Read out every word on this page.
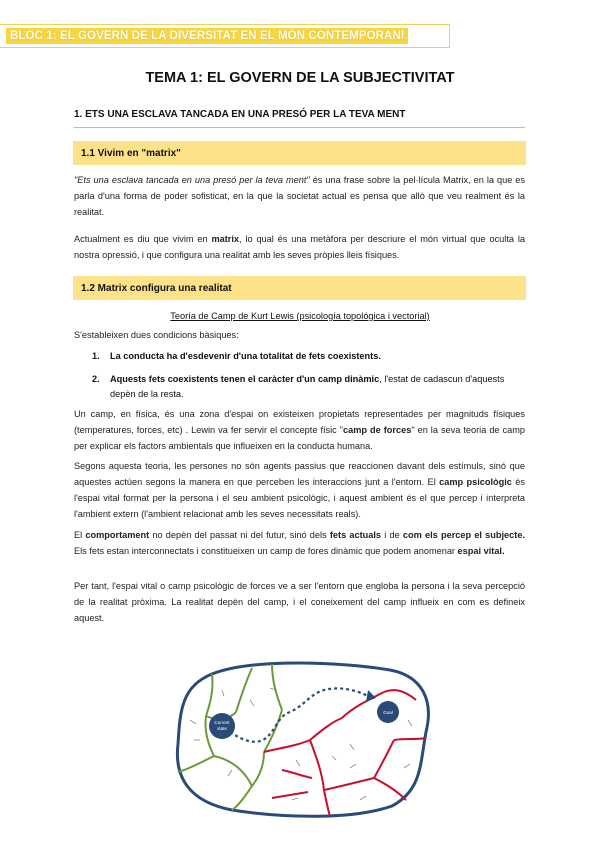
BLOC 1: EL GOVERN DE LA DIVERSITAT EN EL MÓN CONTEMPORANI
TEMA 1: EL GOVERN DE LA SUBJECTIVITAT
1. ETS UNA ESCLAVA TANCADA EN UNA PRESÓ PER LA TEVA MENT
1.1 Vivim en "matrix"
"Ets una esclava tancada en una presó per la teva ment" és una frase sobre la pel·lícula Matrix, en la que es parla d'una forma de poder sofisticat, en la que la societat actual es pensa que allò que veu realment és la realitat.
Actualment es diu que vivim en matrix, lo qual és una metàfora per descriure el món virtual que oculta la nostra opressió, i que configura una realitat amb les seves pròpies lleis físiques.
1.2 Matrix configura una realitat
Teoría de Camp de Kurt Lewis (psicología topológica i vectorial)
S'estableixen dues condicions bàsiques:
1. La conducta ha d'esdevenir d'una totalitat de fets coexistents.
2. Aquests fets coexistents tenen el caràcter d'un camp dinàmic, l'estat de cadascun d'aquests depèn de la resta.
Un camp, en física, és una zona d'espai on existeixen propietats representades per magnituds físiques (temperatures, forces, etc) . Lewin va fer servir el concepte físic "camp de forces" en la seva teoria de camp per explicar els factors ambientals que influeixen en la conducta humana.
Segons aquesta teoria, les persones no són agents passius que reaccionen davant dels estímuls, sinó que aquestes actúen segons la manera en que perceben les interaccions junt a l'entorn. El camp psicològic és l'espai vital format per la persona i el seu ambient psicològic, i aquest ambient és el que percep i interpreta l'ambient extern (l'ambient relacionat amb les seves necessitats reals).
El comportament no depèn del passat ni del futur, sinó dels fets actuals i de com els percep el subjecte. Els fets estan interconnectats i constitueixen un camp de fores dinàmic que podem anomenar espai vital.
Per tant, l'espai vital o camp psicològic de forces ve a ser l'entorn que engloba la persona i la seva percepció de la realitat pròxima. La realitat depèn del camp, i el coneixement del camp influeix en com es defineix aquest.
Current
state
Goal
